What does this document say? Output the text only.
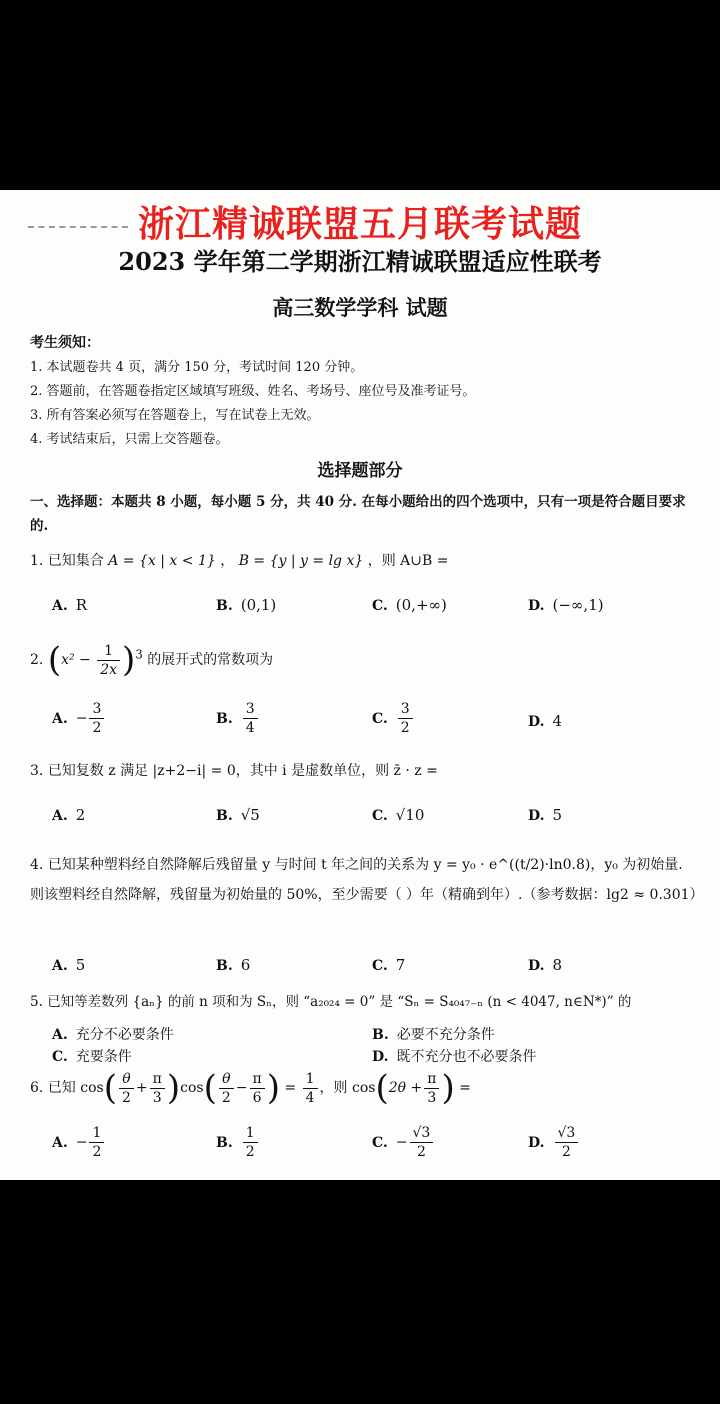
浙江精诚联盟五月联考试题
2023 学年第二学期浙江精诚联盟适应性联考
高三数学学科 试题
考生须知：
1. 本试题卷共 4 页，满分 150 分，考试时间 120 分钟。
2. 答题前，在答题卷指定区域填写班级、姓名、考场号、座位号及准考证号。
3. 所有答案必须写在答题卷上，写在试卷上无效。
4. 考试结束后，只需上交答题卷。
选择题部分
一、选择题：本题共 8 小题，每小题 5 分，共 40 分. 在每小题给出的四个选项中，只有一项是符合题目要求的.
1. 已知集合 A = {x | x < 1} ， B = {y | y = lg x} ，则 A∪B =
A. R	B. (0,1)	C. (0,+∞)	D. (−∞,1)
2. $(x^2 - \frac{1}{2x} )^3$ 的展开式的常数项为
A. − $\frac{3}{2}$	B. $\frac{3}{4}$	C. $\frac{3}{2}$	D. 4
3. 已知复数 z 满足 |z+2−i| = 0，其中 i 是虚数单位，则 z̄ · z =
A. 2	B. √5	C. √10	D. 5
4. 已知某种塑料经自然降解后残留量 y 与时间 t 年之间的关系为 y = y₀ · e^((t/2)·ln0.8)，y₀ 为初始量. 则该塑料经自然降解，残留量为初始量的 50%，至少需要（ ）年（精确到年）.（参考数据：lg2 ≈ 0.301）
A. 5	B. 6	C. 7	D. 8
5. 已知等差数列 {aₙ} 的前 n 项和为 Sₙ，则 “a₂₀₂₄ = 0” 是 “Sₙ = S₄₀₄₇₋ₙ (n < 4047, n∈N*)” 的
A. 充分不必要条件	B. 必要不充分条件
C. 充要条件	D. 既不充分也不必要条件
6. 已知 $\cos( \frac{\theta}{2} + \frac{\pi}{3} )\cos( \frac{\theta}{2} - \frac{\pi}{6}$ ) = $\frac{1}{4}$ ，则 $\cos(2\theta + \frac{\pi}{3}$ ) =
A. − $\frac{1}{2}$	B. $\frac{1}{2}$	C. − $\frac{√3}{2}$	D. $\frac{√3}{2}$
